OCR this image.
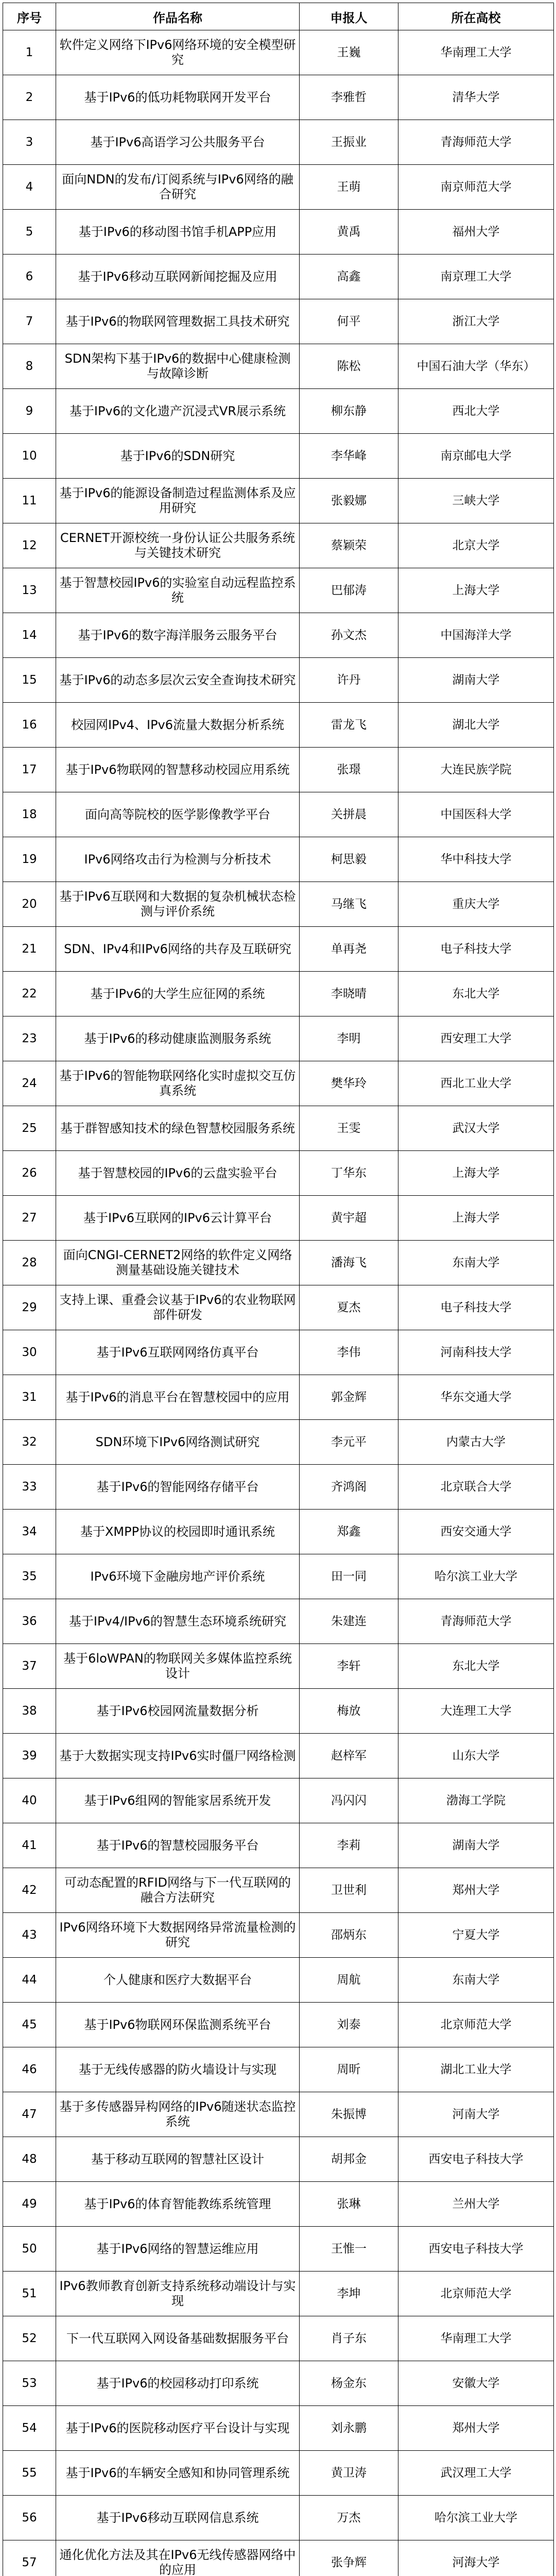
序号	作品名称	申报人	所在高校
1	软件定义网络下IPv6网络环境的安全模型研究	王巍	华南理工大学
2	基于IPv6的低功耗物联网开发平台	李雅哲	清华大学
3	基于IPv6高语学习公共服务平台	王振业	青海师范大学
4	面向NDN的发布/订阅系统与IPv6网络的融合研究	王萌	南京师范大学
5	基于IPv6的移动图书馆手机APP应用	黄禹	福州大学
6	基于IPv6移动互联网新闻挖掘及应用	高鑫	南京理工大学
7	基于IPv6的物联网管理数据工具技术研究	何平	浙江大学
8	SDN架构下基于IPv6的数据中心健康检测与故障诊断	陈松	中国石油大学（华东）
9	基于IPv6的文化遗产沉浸式VR展示系统	柳东静	西北大学
10	基于IPv6的SDN研究	李华峰	南京邮电大学
11	基于IPv6的能源设备制造过程监测体系及应用研究	张毅娜	三峡大学
12	CERNET开源校统一身份认证公共服务系统与关键技术研究	蔡颖荣	北京大学
13	基于智慧校园IPv6的实验室自动远程监控系统	巴郁涛	上海大学
14	基于IPv6的数字海洋服务云服务平台	孙文杰	中国海洋大学
15	基于IPv6的动态多层次云安全查询技术研究	许丹	湖南大学
16	校园网IPv4、IPv6流量大数据分析系统	雷龙飞	湖北大学
17	基于IPv6物联网的智慧移动校园应用系统	张璟	大连民族学院
18	面向高等院校的医学影像教学平台	关拼晨	中国医科大学
19	IPv6网络攻击行为检测与分析技术	柯思毅	华中科技大学
20	基于IPv6互联网和大数据的复杂机械状态检测与评价系统	马继飞	重庆大学
21	SDN、IPv4和IPv6网络的共存及互联研究	单再尧	电子科技大学
22	基于IPv6的大学生应征网的系统	李晓晴	东北大学
23	基于IPv6的移动健康监测服务系统	李明	西安理工大学
24	基于IPv6的智能物联网络化实时虚拟交互仿真系统	樊华玲	西北工业大学
25	基于群智感知技术的绿色智慧校园服务系统	王雯	武汉大学
26	基于智慧校园的IPv6的云盘实验平台	丁华东	上海大学
27	基于IPv6互联网的IPv6云计算平台	黄宇超	上海大学
28	面向CNGI-CERNET2网络的软件定义网络测量基础设施关键技术	潘海飞	东南大学
29	支持上课、重叠会议基于IPv6的农业物联网部件研发	夏杰	电子科技大学
30	基于IPv6互联网网络仿真平台	李伟	河南科技大学
31	基于IPv6的消息平台在智慧校园中的应用	郭金辉	华东交通大学
32	SDN环境下IPv6网络测试研究	李元平	内蒙古大学
33	基于IPv6的智能网络存储平台	齐鸿阁	北京联合大学
34	基于XMPP协议的校园即时通讯系统	郑鑫	西安交通大学
35	IPv6环境下金融房地产评价系统	田一同	哈尔滨工业大学
36	基于IPv4/IPv6的智慧生态环境系统研究	朱建连	青海师范大学
37	基于6loWPAN的物联网关多媒体监控系统设计	李轩	东北大学
38	基于IPv6校园网流量数据分析	梅放	大连理工大学
39	基于大数据实现支持IPv6实时僵尸网络检测	赵梓军	山东大学
40	基于IPv6组网的智能家居系统开发	冯闪闪	渤海工学院
41	基于IPv6的智慧校园服务平台	李莉	湖南大学
42	可动态配置的RFID网络与下一代互联网的融合方法研究	卫世利	郑州大学
43	IPv6网络环境下大数据网络异常流量检测的研究	邵炳东	宁夏大学
44	个人健康和医疗大数据平台	周航	东南大学
45	基于IPv6物联网环保监测系统平台	刘泰	北京师范大学
46	基于无线传感器的防火墙设计与实现	周昕	湖北工业大学
47	基于多传感器异构网络的IPv6随迷状态监控系统	朱振博	河南大学
48	基于移动互联网的智慧社区设计	胡邦金	西安电子科技大学
49	基于IPv6的体育智能教练系统管理	张琳	兰州大学
50	基于IPv6网络的智慧运维应用	王惟一	西安电子科技大学
51	IPv6教师教育创新支持系统移动端设计与实现	李坤	北京师范大学
52	下一代互联网入网设备基础数据服务平台	肖子东	华南理工大学
53	基于IPv6的校园移动打印系统	杨金东	安徽大学
54	基于IPv6的医院移动医疗平台设计与实现	刘永鹏	郑州大学
55	基于IPv6的车辆安全感知和协同管理系统	黄卫涛	武汉理工大学
56	基于IPv6移动互联网信息系统	万杰	哈尔滨工业大学
57	通化优化方法及其在IPv6无线传感器网络中的应用	张争辉	河海大学
